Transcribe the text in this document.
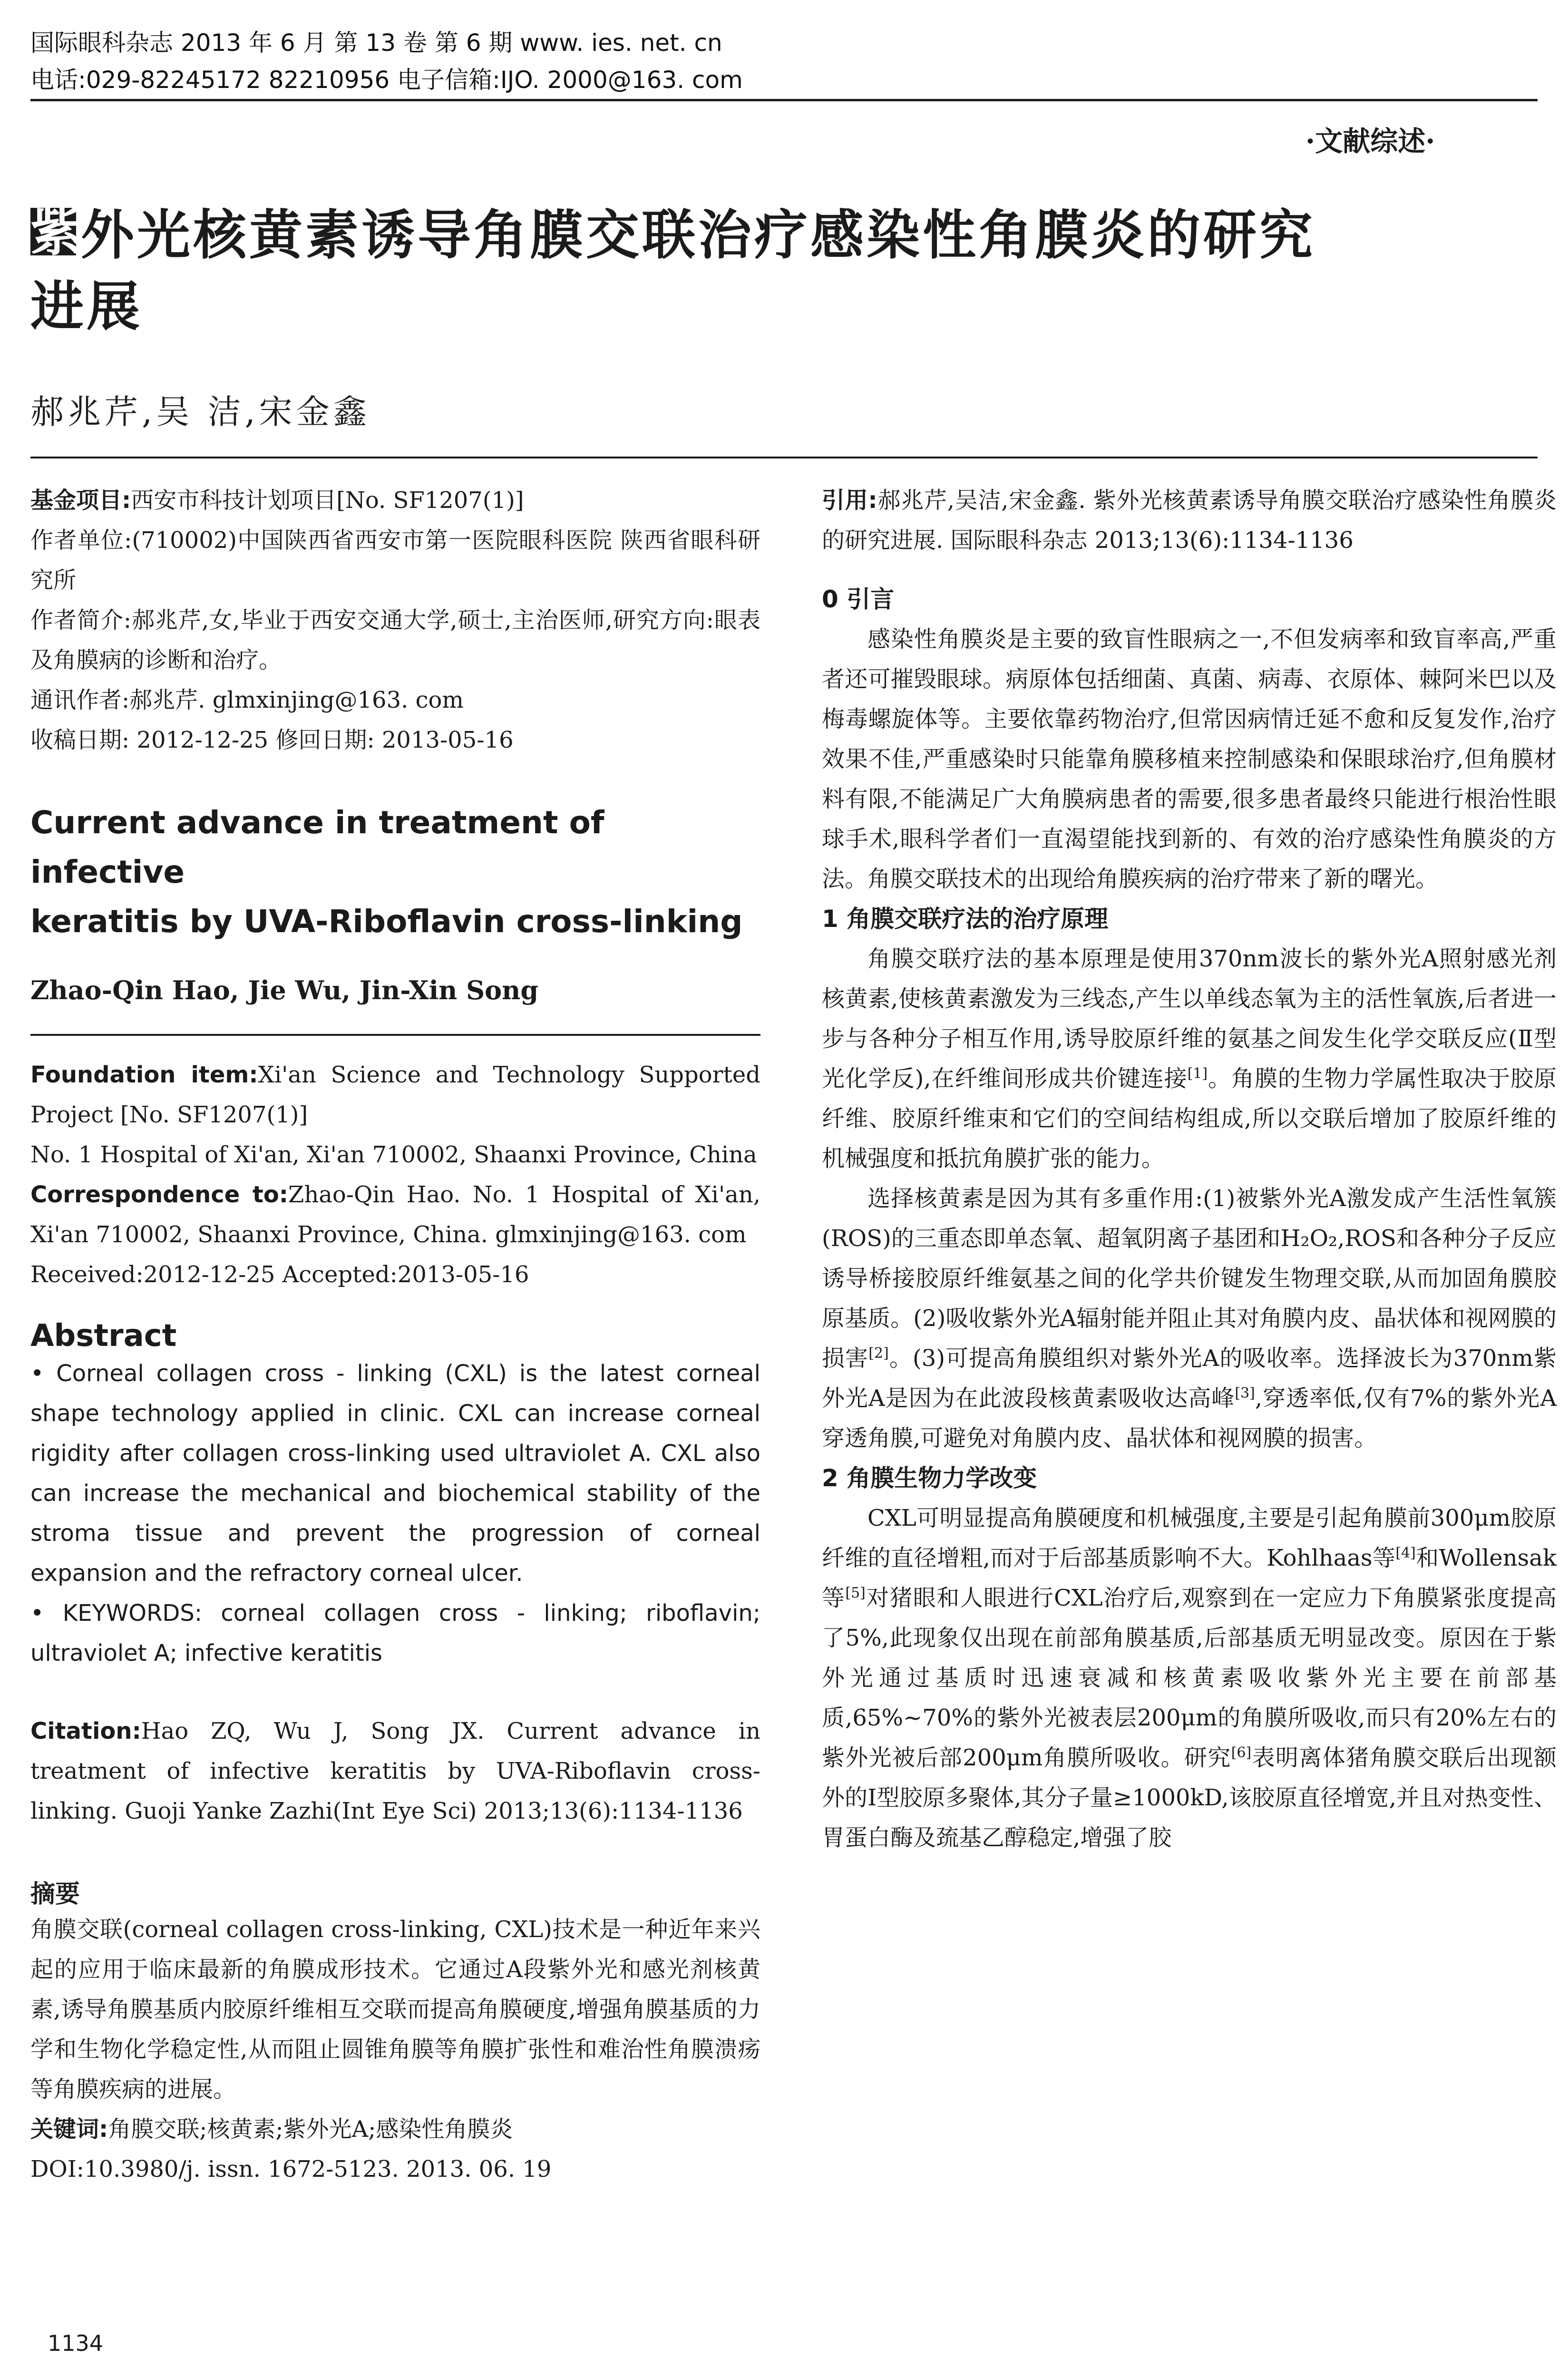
国际眼科杂志 2013 年 6 月 第 13 卷 第 6 期 www. ies. net. cn
电话:029-82245172 82210956 电子信箱:IJO. 2000@163. com
·文献综述·
紫外光核黄素诱导角膜交联治疗感染性角膜炎的研究
进展
郝兆芹,吴 洁,宋金鑫

基金项目:西安市科技计划项目[No. SF1207(1)]

作者单位:(710002)中国陕西省西安市第一医院眼科医院 陕西省眼科研究所

作者简介:郝兆芹,女,毕业于西安交通大学,硕士,主治医师,研究方向:眼表及角膜病的诊断和治疗。

通讯作者:郝兆芹. glmxinjing@163. com

收稿日期: 2012-12-25 修回日期: 2013-05-16

Current advance in treatment of infective
keratitis by UVA-Riboflavin cross-linking
Zhao-Qin Hao, Jie Wu, Jin-Xin Song

Foundation item:Xi'an Science and Technology Supported Project [No. SF1207(1)]

No. 1 Hospital of Xi'an, Xi'an 710002, Shaanxi Province, China

Correspondence to:Zhao-Qin Hao. No. 1 Hospital of Xi'an, Xi'an 710002, Shaanxi Province, China. glmxinjing@163. com

Received:2012-12-25 Accepted:2013-05-16

Abstract

• Corneal collagen cross - linking (CXL) is the latest corneal shape technology applied in clinic. CXL can increase corneal rigidity after collagen cross-linking used ultraviolet A. CXL also can increase the mechanical and biochemical stability of the stroma tissue and prevent the progression of corneal expansion and the refractory corneal ulcer.

• KEYWORDS: corneal collagen cross - linking; riboflavin; ultraviolet A; infective keratitis

Citation:Hao ZQ, Wu J, Song JX. Current advance in treatment of infective keratitis by UVA-Riboflavin cross-linking. Guoji Yanke Zazhi(Int Eye Sci) 2013;13(6):1134-1136

摘要

角膜交联(corneal collagen cross-linking, CXL)技术是一种近年来兴起的应用于临床最新的角膜成形技术。它通过A段紫外光和感光剂核黄素,诱导角膜基质内胶原纤维相互交联而提高角膜硬度,增强角膜基质的力学和生物化学稳定性,从而阻止圆锥角膜等角膜扩张性和难治性角膜溃疡等角膜疾病的进展。

关键词:角膜交联;核黄素;紫外光A;感染性角膜炎

DOI:10.3980/j. issn. 1672-5123. 2013. 06. 19

引用:郝兆芹,吴洁,宋金鑫. 紫外光核黄素诱导角膜交联治疗感染性角膜炎的研究进展. 国际眼科杂志 2013;13(6):1134-1136

0 引言

感染性角膜炎是主要的致盲性眼病之一,不但发病率和致盲率高,严重者还可摧毁眼球。病原体包括细菌、真菌、病毒、衣原体、棘阿米巴以及梅毒螺旋体等。主要依靠药物治疗,但常因病情迁延不愈和反复发作,治疗效果不佳,严重感染时只能靠角膜移植来控制感染和保眼球治疗,但角膜材料有限,不能满足广大角膜病患者的需要,很多患者最终只能进行根治性眼球手术,眼科学者们一直渴望能找到新的、有效的治疗感染性角膜炎的方法。角膜交联技术的出现给角膜疾病的治疗带来了新的曙光。

1 角膜交联疗法的治疗原理

角膜交联疗法的基本原理是使用370nm波长的紫外光A照射感光剂核黄素,使核黄素激发为三线态,产生以单线态氧为主的活性氧族,后者进一步与各种分子相互作用,诱导胶原纤维的氨基之间发生化学交联反应(Ⅱ型光化学反),在纤维间形成共价键连接[1]。角膜的生物力学属性取决于胶原纤维、胶原纤维束和它们的空间结构组成,所以交联后增加了胶原纤维的机械强度和抵抗角膜扩张的能力。

选择核黄素是因为其有多重作用:(1)被紫外光A激发成产生活性氧簇(ROS)的三重态即单态氧、超氧阴离子基团和H₂O₂,ROS和各种分子反应诱导桥接胶原纤维氨基之间的化学共价键发生物理交联,从而加固角膜胶原基质。(2)吸收紫外光A辐射能并阻止其对角膜内皮、晶状体和视网膜的损害[2]。(3)可提高角膜组织对紫外光A的吸收率。选择波长为370nm紫外光A是因为在此波段核黄素吸收达高峰[3],穿透率低,仅有7%的紫外光A穿透角膜,可避免对角膜内皮、晶状体和视网膜的损害。

2 角膜生物力学改变

CXL可明显提高角膜硬度和机械强度,主要是引起角膜前300μm胶原纤维的直径增粗,而对于后部基质影响不大。Kohlhaas等[4]和Wollensak等[5]对猪眼和人眼进行CXL治疗后,观察到在一定应力下角膜紧张度提高了5%,此现象仅出现在前部角膜基质,后部基质无明显改变。原因在于紫外光通过基质时迅速衰减和核黄素吸收紫外光主要在前部基质,65%~70%的紫外光被表层200μm的角膜所吸收,而只有20%左右的紫外光被后部200μm角膜所吸收。研究[6]表明离体猪角膜交联后出现额外的I型胶原多聚体,其分子量≥1000kD,该胶原直径增宽,并且对热变性、胃蛋白酶及巯基乙醇稳定,增强了胶

1134
